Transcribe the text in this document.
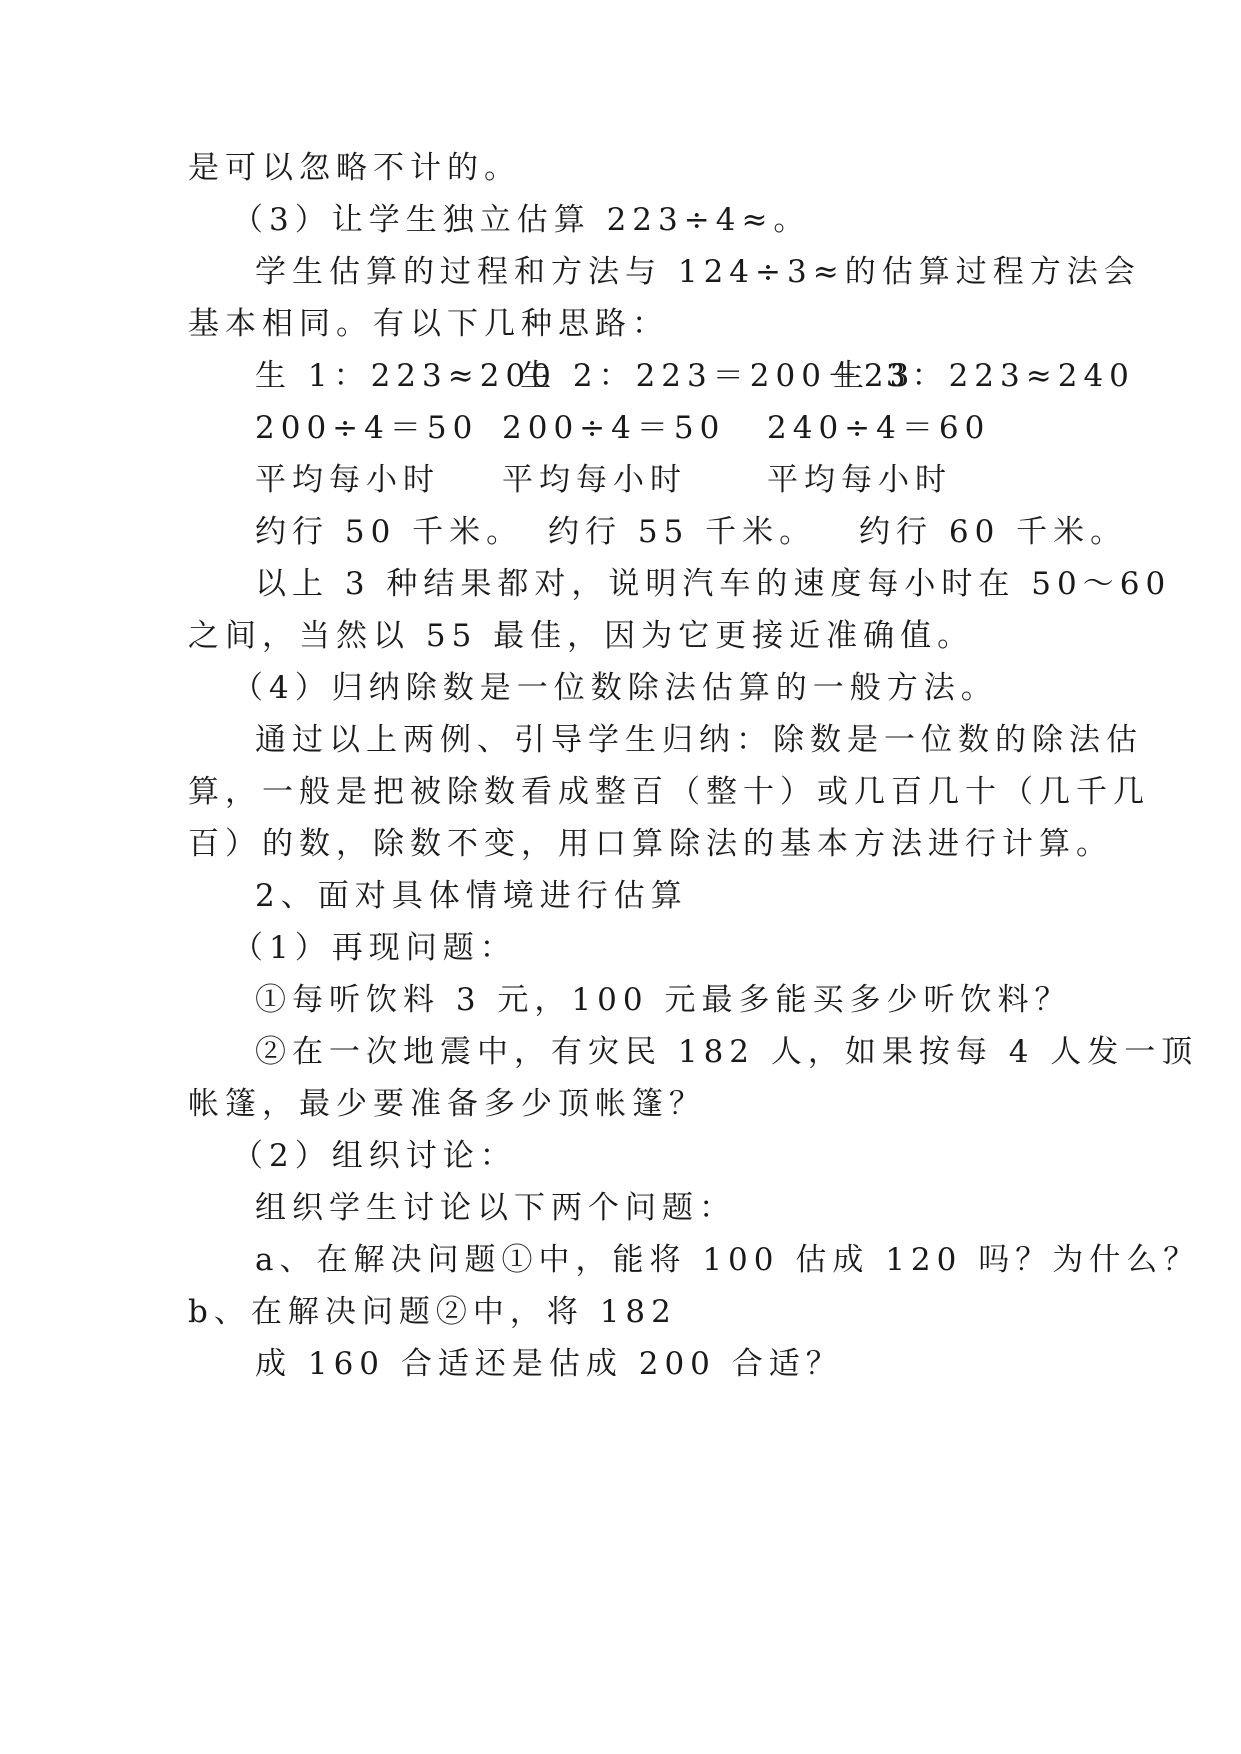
是可以忽略不计的。
（3）让学生独立估算 223÷4≈。
学生估算的过程和方法与 124÷3≈的估算过程方法会
基本相同。有以下几种思路：
生 1：223≈200
生 2：223＝200＋23
生 3：223≈240
200÷4＝50 200÷4＝50 240÷4＝60
平均每小时 平均每小时	平均每小时
约行 50 千米。 约行 55 千米。 约行 60 千米。
以上 3 种结果都对，说明汽车的速度每小时在 50～60
之间，当然以 55 最佳，因为它更接近准确值。
（4）归纳除数是一位数除法估算的一般方法。
通过以上两例、引导学生归纳：除数是一位数的除法估
算，一般是把被除数看成整百（整十）或几百几十（几千几
百）的数，除数不变，用口算除法的基本方法进行计算。
2、面对具体情境进行估算
（1）再现问题：
①每听饮料 3 元，100 元最多能买多少听饮料？
②在一次地震中，有灾民 182 人，如果按每 4 人发一顶
帐篷，最少要准备多少顶帐篷？
（2）组织讨论：
组织学生讨论以下两个问题：
a、在解决问题①中，能将 100 估成 120 吗？为什么？
b、在解决问题②中，将 182
成 160 合适还是估成 200 合适？
